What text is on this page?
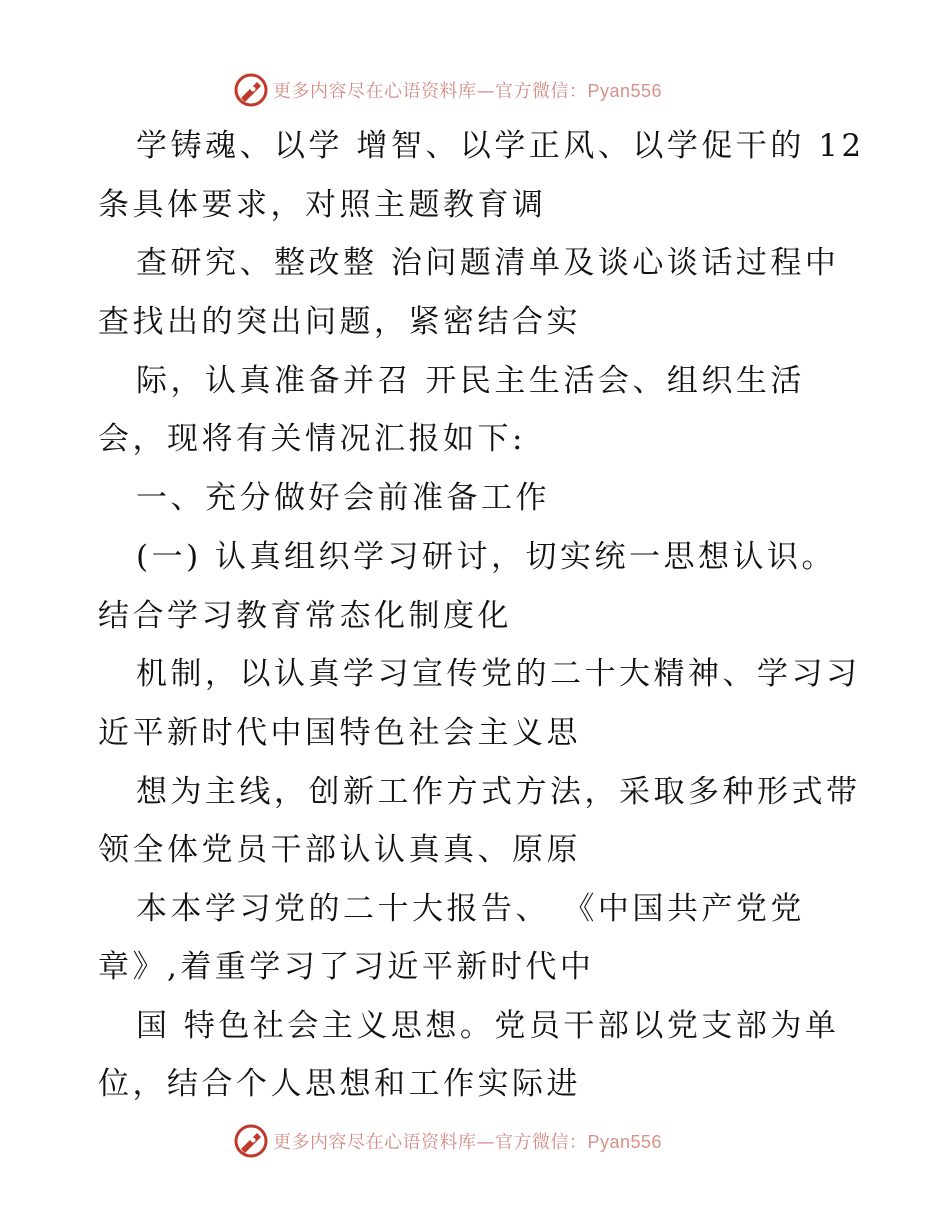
更多内容尽在心语资料库—官方微信：Pyan556
学铸魂、以学 增智、以学正风、以学促干的 12
条具体要求，对照主题教育调
查研究、整改整 治问题清单及谈心谈话过程中
查找出的突出问题，紧密结合实
际，认真准备并召 开民主生活会、组织生活
会，现将有关情况汇报如下:
一、充分做好会前准备工作
(一) 认真组织学习研讨，切实统一思想认识。
结合学习教育常态化制度化
机制，以认真学习宣传党的二十大精神、学习习
近平新时代中国特色社会主义思
想为主线，创新工作方式方法，采取多种形式带
领全体党员干部认认真真、原原
本本学习党的二十大报告、 《中国共产党党
章》,着重学习了习近平新时代中
国 特色社会主义思想。党员干部以党支部为单
位，结合个人思想和工作实际进
更多内容尽在心语资料库—官方微信：Pyan556
